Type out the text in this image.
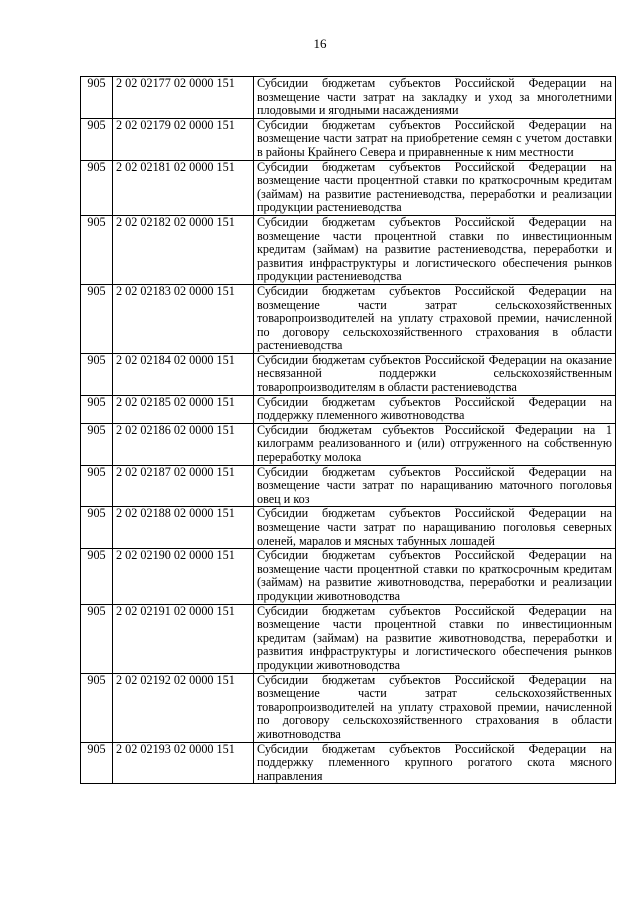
16
905	2 02 02177 02 0000 151	Субсидии бюджетам субъектов Российской Федерации на возмещение части затрат на закладку и уход за многолетними плодовыми и ягодными насаждениями
905	2 02 02179 02 0000 151	Субсидии бюджетам субъектов Российской Федерации на возмещение части затрат на приобретение семян с учетом доставки в районы Крайнего Севера и приравненные к ним местности
905	2 02 02181 02 0000 151	Субсидии бюджетам субъектов Российской Федерации на возмещение части процентной ставки по краткосрочным кредитам (займам) на развитие растениеводства, переработки и реализации продукции растениеводства
905	2 02 02182 02 0000 151	Субсидии бюджетам субъектов Российской Федерации на возмещение части процентной ставки по инвестиционным кредитам (займам) на развитие растениеводства, переработки и развития инфраструктуры и логистического обеспечения рынков продукции растениеводства
905	2 02 02183 02 0000 151	Субсидии бюджетам субъектов Российской Федерации на возмещение части затрат сельскохозяйственных товаропроизводителей на уплату страховой премии, начисленной по договору сельскохозяйственного страхования в области растениеводства
905	2 02 02184 02 0000 151	Субсидии бюджетам субъектов Российской Федерации на оказание несвязанной поддержки сельскохозяйственным товаропроизводителям в области растениеводства
905	2 02 02185 02 0000 151	Субсидии бюджетам субъектов Российской Федерации на поддержку племенного животноводства
905	2 02 02186 02 0000 151	Субсидии бюджетам субъектов Российской Федерации на 1 килограмм реализованного и (или) отгруженного на собственную переработку молока
905	2 02 02187 02 0000 151	Субсидии бюджетам субъектов Российской Федерации на возмещение части затрат по наращиванию маточного поголовья овец и коз
905	2 02 02188 02 0000 151	Субсидии бюджетам субъектов Российской Федерации на возмещение части затрат по наращиванию поголовья северных оленей, маралов и мясных табунных лошадей
905	2 02 02190 02 0000 151	Субсидии бюджетам субъектов Российской Федерации на возмещение части процентной ставки по краткосрочным кредитам (займам) на развитие животноводства, переработки и реализации продукции животноводства
905	2 02 02191 02 0000 151	Субсидии бюджетам субъектов Российской Федерации на возмещение части процентной ставки по инвестиционным кредитам (займам) на развитие животноводства, переработки и развития инфраструктуры и логистического обеспечения рынков продукции животноводства
905	2 02 02192 02 0000 151	Субсидии бюджетам субъектов Российской Федерации на возмещение части затрат сельскохозяйственных товаропроизводителей на уплату страховой премии, начисленной по договору сельскохозяйственного страхования в области животноводства
905	2 02 02193 02 0000 151	Субсидии бюджетам субъектов Российской Федерации на поддержку племенного крупного рогатого скота мясного направления
